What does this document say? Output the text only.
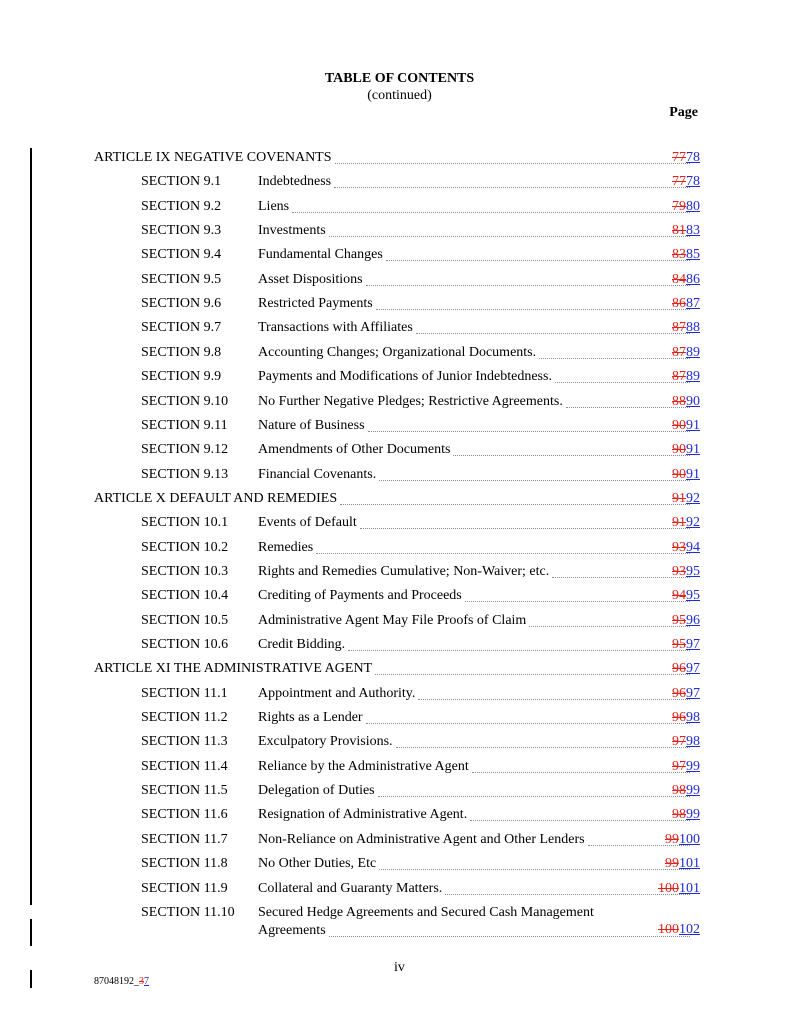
TABLE OF CONTENTS
(continued)
Page
ARTICLE IX NEGATIVE COVENANTS	7778
SECTION 9.1	Indebtedness	7778
SECTION 9.2	Liens	7980
SECTION 9.3	Investments	8183
SECTION 9.4	Fundamental Changes	8385
SECTION 9.5	Asset Dispositions	8486
SECTION 9.6	Restricted Payments	8687
SECTION 9.7	Transactions with Affiliates	8788
SECTION 9.8	Accounting Changes; Organizational Documents.	8789
SECTION 9.9	Payments and Modifications of Junior Indebtedness.	8789
SECTION 9.10 No Further Negative Pledges; Restrictive Agreements.	8890
SECTION 9.11 Nature of Business	9091
SECTION 9.12 Amendments of Other Documents	9091
SECTION 9.13 Financial Covenants.	9091
ARTICLE X DEFAULT AND REMEDIES	9192
SECTION 10.1 Events of Default	9192
SECTION 10.2 Remedies	9394
SECTION 10.3 Rights and Remedies Cumulative; Non-Waiver; etc.	9395
SECTION 10.4 Crediting of Payments and Proceeds	9495
SECTION 10.5 Administrative Agent May File Proofs of Claim	9596
SECTION 10.6 Credit Bidding.	9597
ARTICLE XI THE ADMINISTRATIVE AGENT	9697
SECTION 11.1 Appointment and Authority.	9697
SECTION 11.2 Rights as a Lender	9698
SECTION 11.3 Exculpatory Provisions.	9798
SECTION 11.4 Reliance by the Administrative Agent	9799
SECTION 11.5 Delegation of Duties	9899
SECTION 11.6 Resignation of Administrative Agent.	9899
SECTION 11.7 Non-Reliance on Administrative Agent and Other Lenders	99100
SECTION 11.8 No Other Duties, Etc	99101
SECTION 11.9 Collateral and Guaranty Matters.	100101
SECTION 11.10 Secured Hedge Agreements and Secured Cash Management
Agreements	100102
iv
87048192_37
